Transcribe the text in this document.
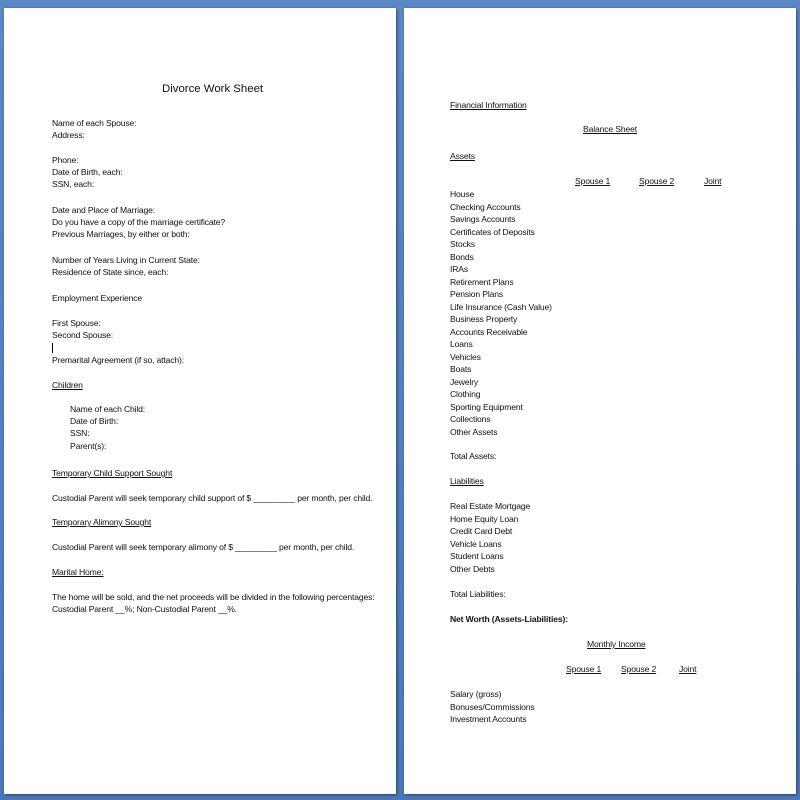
Divorce Work Sheet
Name of each Spouse:
Address:
Phone:
Date of Birth, each:
SSN, each:
Date and Place of Marriage:
Do you have a copy of the marriage certificate?
Previous Marriages, by either or both:
Number of Years Living in Current State:
Residence of State since, each:
Employment Experience
First Spouse:
Second Spouse:
Premarital Agreement (if so, attach):
Children
Name of each Child:
Date of Birth:
SSN:
Parent(s):
Temporary Child Support Sought
Custodial Parent will seek temporary child support of $ _________ per month, per child.
Temporary Alimony Sought
Custodial Parent will seek temporary alimony of $ _________ per month, per child.
Marital Home:
The home will be sold, and the net proceeds will be divided in the following percentages:
Custodial Parent __%; Non-Custodial Parent __%.
Financial Information
Balance Sheet
Assets
Spouse 1	Spouse 2	Joint
House
Checking Accounts
Savings Accounts
Certificates of Deposits
Stocks
Bonds
IRAs
Retirement Plans
Pension Plans
Life Insurance (Cash Value)
Business Property
Accounts Receivable
Loans
Vehicles
Boats
Jewelry
Clothing
Sporting Equipment
Collections
Other Assets
Total Assets:
Liabilities
Real Estate Mortgage
Home Equity Loan
Credit Card Debt
Vehicle Loans
Student Loans
Other Debts
Total Liabilities:
Net Worth (Assets-Liabilities):
Monthly Income
Spouse 1 Spouse 2	Joint
Salary (gross)
Bonuses/Commissions
Investment Accounts
